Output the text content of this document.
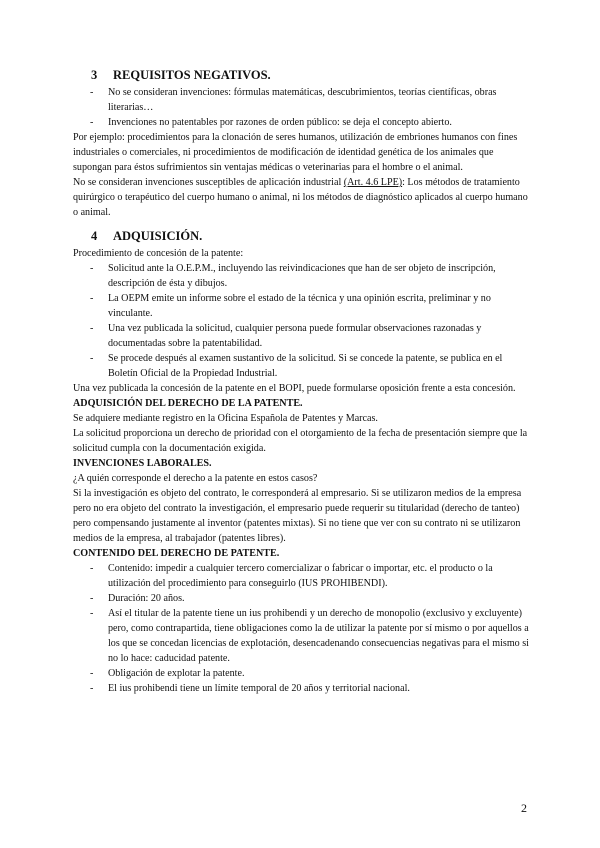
3 REQUISITOS NEGATIVOS.
- No se consideran invenciones: fórmulas matemáticas, descubrimientos, teorías científicas, obras literarias…
- Invenciones no patentables por razones de orden público: se deja el concepto abierto.

Por ejemplo: procedimientos para la clonación de seres humanos, utilización de embriones humanos con fines industriales o comerciales, ni procedimientos de modificación de identidad genética de los animales que supongan para éstos sufrimientos sin ventajas médicas o veterinarias para el hombre o el animal.

No se consideran invenciones susceptibles de aplicación industrial (Art. 4.6 LPE): Los métodos de tratamiento quirúrgico o terapéutico del cuerpo humano o animal, ni los métodos de diagnóstico aplicados al cuerpo humano o animal.

4 ADQUISICIÓN.

Procedimiento de concesión de la patente:

- Solicitud ante la O.E.P.M., incluyendo las reivindicaciones que han de ser objeto de inscripción, descripción de ésta y dibujos.
- La OEPM emite un informe sobre el estado de la técnica y una opinión escrita, preliminar y no vinculante.
- Una vez publicada la solicitud, cualquier persona puede formular observaciones razonadas y documentadas sobre la patentabilidad.
- Se procede después al examen sustantivo de la solicitud. Si se concede la patente, se publica en el Boletín Oficial de la Propiedad Industrial.

Una vez publicada la concesión de la patente en el BOPI, puede formularse oposición frente a esta concesión.

ADQUISICIÓN DEL DERECHO DE LA PATENTE.

Se adquiere mediante registro en la Oficina Española de Patentes y Marcas.

La solicitud proporciona un derecho de prioridad con el otorgamiento de la fecha de presentación siempre que la solicitud cumpla con la documentación exigida.

INVENCIONES LABORALES.

¿A quién corresponde el derecho a la patente en estos casos?

Si la investigación es objeto del contrato, le corresponderá al empresario. Si se utilizaron medios de la empresa pero no era objeto del contrato la investigación, el empresario puede requerir su titularidad (derecho de tanteo) pero compensando justamente al inventor (patentes mixtas). Si no tiene que ver con su contrato ni se utilizaron medios de la empresa, al trabajador (patentes libres).

CONTENIDO DEL DERECHO DE PATENTE.

- Contenido: impedir a cualquier tercero comercializar o fabricar o importar, etc. el producto o la utilización del procedimiento para conseguirlo (IUS PROHIBENDI).
- Duración: 20 años.
- Así el titular de la patente tiene un ius prohibendi y un derecho de monopolio (exclusivo y excluyente) pero, como contrapartida, tiene obligaciones como la de utilizar la patente por sí mismo o por aquellos a los que se concedan licencias de explotación, desencadenando consecuencias negativas para el mismo si no lo hace: caducidad patente.
- Obligación de explotar la patente.
- El ius prohibendi tiene un límite temporal de 20 años y territorial nacional.
2
